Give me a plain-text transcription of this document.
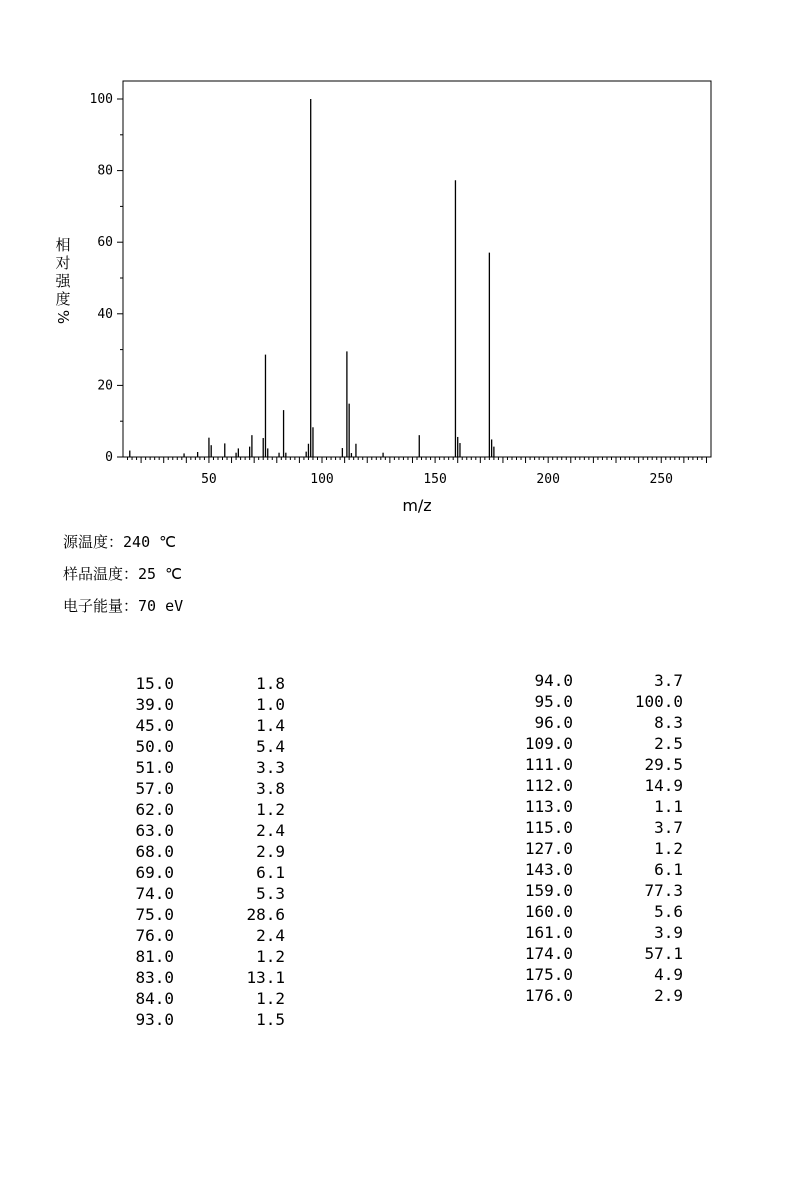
50	100	150	200	250
0
20
40
60
80
100
m/z
相
对
强
度
%
源温度：240 ℃
样品温度：25 ℃
电子能量：70 eV
15.0	1.8
39.0	1.0
45.0	1.4
50.0	5.4
51.0	3.3
57.0	3.8
62.0	1.2
63.0	2.4
68.0	2.9
69.0	6.1
74.0	5.3
75.0	28.6
76.0	2.4
81.0	1.2
83.0	13.1
84.0	1.2
93.0	1.5
94.0	3.7
95.0	100.0
96.0	8.3
109.0	2.5
111.0	29.5
112.0	14.9
113.0	1.1
115.0	3.7
127.0	1.2
143.0	6.1
159.0	77.3
160.0	5.6
161.0	3.9
174.0	57.1
175.0	4.9
176.0	2.9
